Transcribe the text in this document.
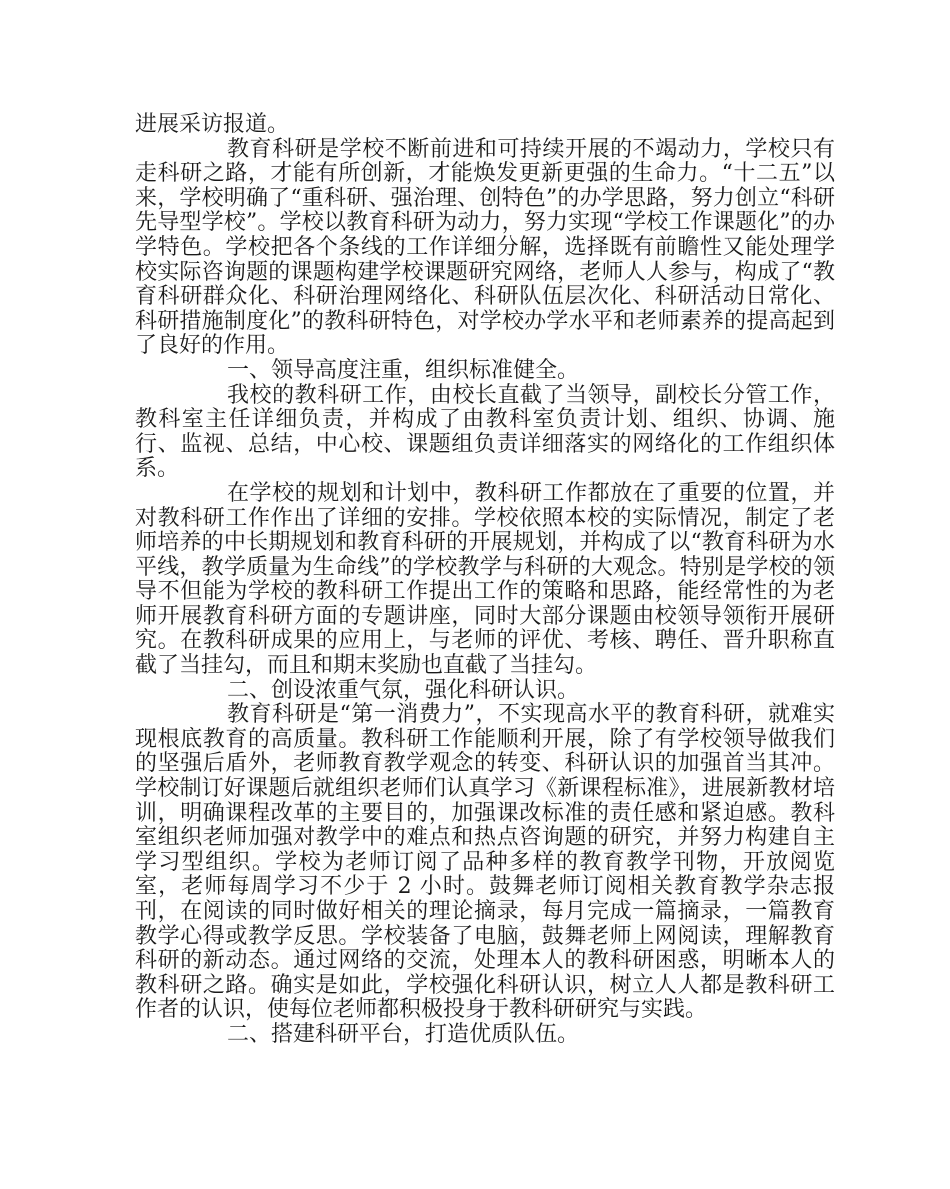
进展采访报道。

教育科研是学校不断前进和可持续开展的不竭动力，学校只有走科研之路，才能有所创新，才能焕发更新更强的生命力。“十二五”以来，学校明确了“重科研、强治理、创特色”的办学思路，努力创立“科研先导型学校”。学校以教育科研为动力，努力实现“学校工作课题化”的办学特色。学校把各个条线的工作详细分解，选择既有前瞻性又能处理学校实际咨询题的课题构建学校课题研究网络，老师人人参与，构成了“教育科研群众化、科研治理网络化、科研队伍层次化、科研活动日常化、科研措施制度化”的教科研特色，对学校办学水平和老师素养的提高起到了良好的作用。

一、领导高度注重，组织标准健全。

我校的教科研工作，由校长直截了当领导，副校长分管工作，教科室主任详细负责，并构成了由教科室负责计划、组织、协调、施行、监视、总结，中心校、课题组负责详细落实的网络化的工作组织体系。

在学校的规划和计划中，教科研工作都放在了重要的位置，并对教科研工作作出了详细的安排。学校依照本校的实际情况，制定了老师培养的中长期规划和教育科研的开展规划，并构成了以“教育科研为水平线，教学质量为生命线”的学校教学与科研的大观念。特别是学校的领导不但能为学校的教科研工作提出工作的策略和思路，能经常性的为老师开展教育科研方面的专题讲座，同时大部分课题由校领导领衔开展研究。在教科研成果的应用上，与老师的评优、考核、聘任、晋升职称直截了当挂勾，而且和期末奖励也直截了当挂勾。

二、创设浓重气氛，强化科研认识。

教育科研是“第一消费力”，不实现高水平的教育科研，就难实现根底教育的高质量。教科研工作能顺利开展，除了有学校领导做我们的坚强后盾外，老师教育教学观念的转变、科研认识的加强首当其冲。学校制订好课题后就组织老师们认真学习《新课程标准》，进展新教材培训，明确课程改革的主要目的，加强课改标准的责任感和紧迫感。教科室组织老师加强对教学中的难点和热点咨询题的研究，并努力构建自主学习型组织。学校为老师订阅了品种多样的教育教学刊物，开放阅览室，老师每周学习不少于 2 小时。鼓舞老师订阅相关教育教学杂志报刊，在阅读的同时做好相关的理论摘录，每月完成一篇摘录，一篇教育教学心得或教学反思。学校装备了电脑，鼓舞老师上网阅读，理解教育科研的新动态。通过网络的交流，处理本人的教科研困惑，明晰本人的教科研之路。确实是如此，学校强化科研认识，树立人人都是教科研工作者的认识，使每位老师都积极投身于教科研研究与实践。

二、搭建科研平台，打造优质队伍。
